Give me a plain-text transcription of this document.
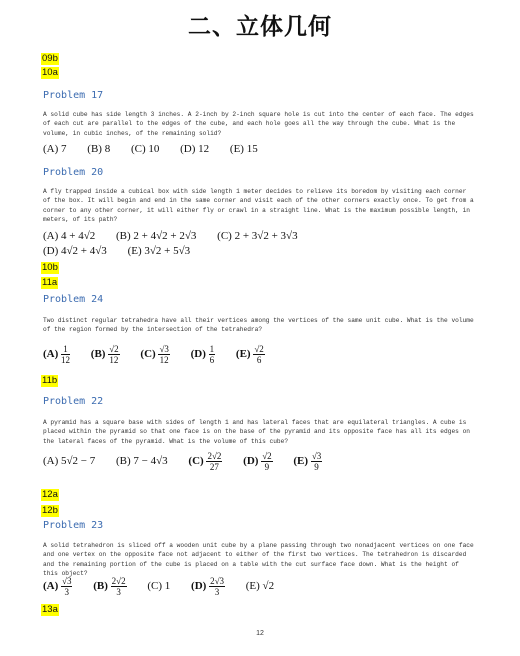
二、立体几何
09b
10a
Problem 17
A solid cube has side length 3 inches. A 2-inch by 2-inch square hole is cut into the center of each face. The edges of each cut are parallel to the edges of the cube, and each hole goes all the way through the cube. What is the volume, in cubic inches, of the remaining solid?
(A) 7 (B) 8 (C) 10 (D) 12 (E) 15
Problem 20
A fly trapped inside a cubical box with side length 1 meter decides to relieve its boredom by visiting each corner of the box. It will begin and end in the same corner and visit each of the other corners exactly once. To get from a corner to any other corner, it will either fly or crawl in a straight line. What is the maximum possible length, in meters, of its path?
(A) 4 + 4√2 (B) 2 + 4√2 + 2√3 (C) 2 + 3√2 + 3√3
(D) 4√2 + 4√3 (E) 3√2 + 5√3
10b
11a
Problem 24
Two distinct regular tetrahedra have all their vertices among the vertices of the same unit cube. What is the volume of the region formed by the intersection of the tetrahedra?
$(A) \frac{1}{12} (B) \frac{√2}{12} (C) \frac{√3}{12} (D) \frac{1}{6} (E) \frac{√2}{6}$
11b
Problem 22
A pyramid has a square base with sides of length 1 and has lateral faces that are equilateral triangles. A cube is placed within the pyramid so that one face is on the base of the pyramid and its opposite face has all its edges on the lateral faces of the pyramid. What is the volume of this cube?
(A) 5√2 − 7 (B) 7 − 4√3 $(C) \frac{2√2}{27} (D) \frac{√2}{9} (E) \frac{√3}{9}$
12a
12b
Problem 23
A solid tetrahedron is sliced off a wooden unit cube by a plane passing through two nonadjacent vertices on one face and one vertex on the opposite face not adjacent to either of the first two vertices. The tetrahedron is discarded and the remaining portion of the cube is placed on a table with the cut surface face down. What is the height of this object?
$(A) \frac{√3}{3} (B) \frac{2√2}{3} (C)$ 1 $(D) \frac{2√3}{3} (E)$ √2
13a
12
